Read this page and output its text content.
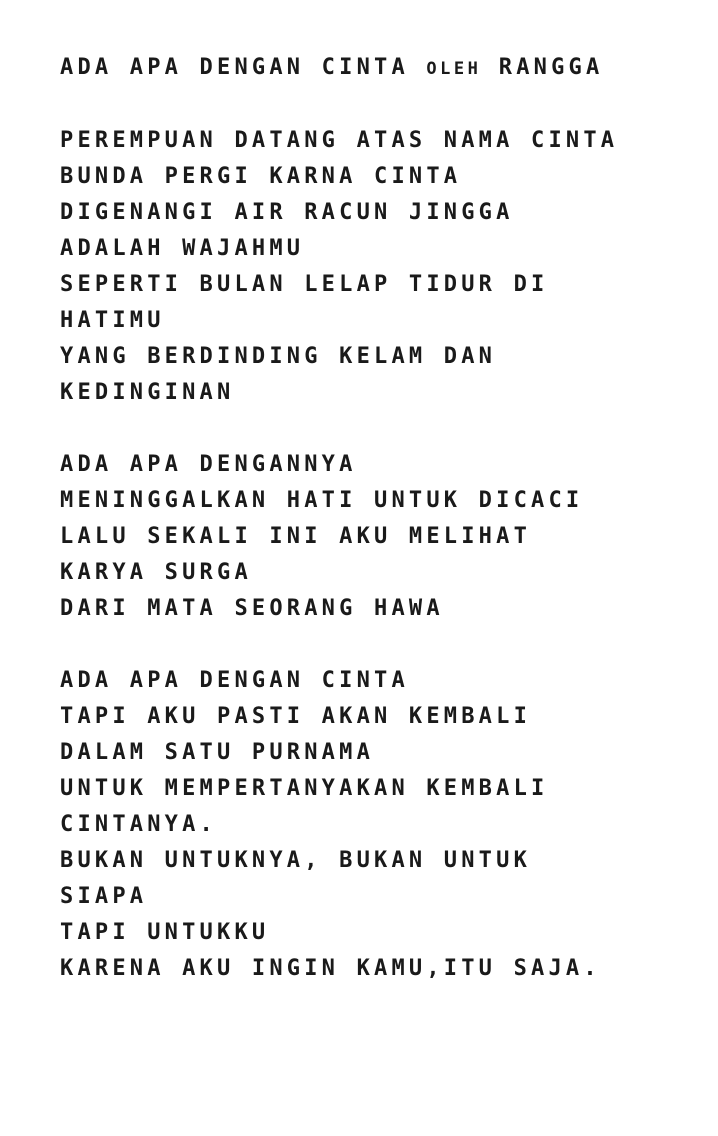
ADA APA DENGAN CINTA OLEH RANGGA
PEREMPUAN DATANG ATAS NAMA CINTA
BUNDA PERGI KARNA CINTA
DIGENANGI AIR RACUN JINGGA
ADALAH WAJAHMU
SEPERTI BULAN LELAP TIDUR DI
HATIMU
YANG BERDINDING KELAM DAN
KEDINGINAN
ADA APA DENGANNYA
MENINGGALKAN HATI UNTUK DICACI
LALU SEKALI INI AKU MELIHAT
KARYA SURGA
DARI MATA SEORANG HAWA
ADA APA DENGAN CINTA
TAPI AKU PASTI AKAN KEMBALI
DALAM SATU PURNAMA
UNTUK MEMPERTANYAKAN KEMBALI
CINTANYA.
BUKAN UNTUKNYA, BUKAN UNTUK
SIAPA
TAPI UNTUKKU
KARENA AKU INGIN KAMU,ITU SAJA.
